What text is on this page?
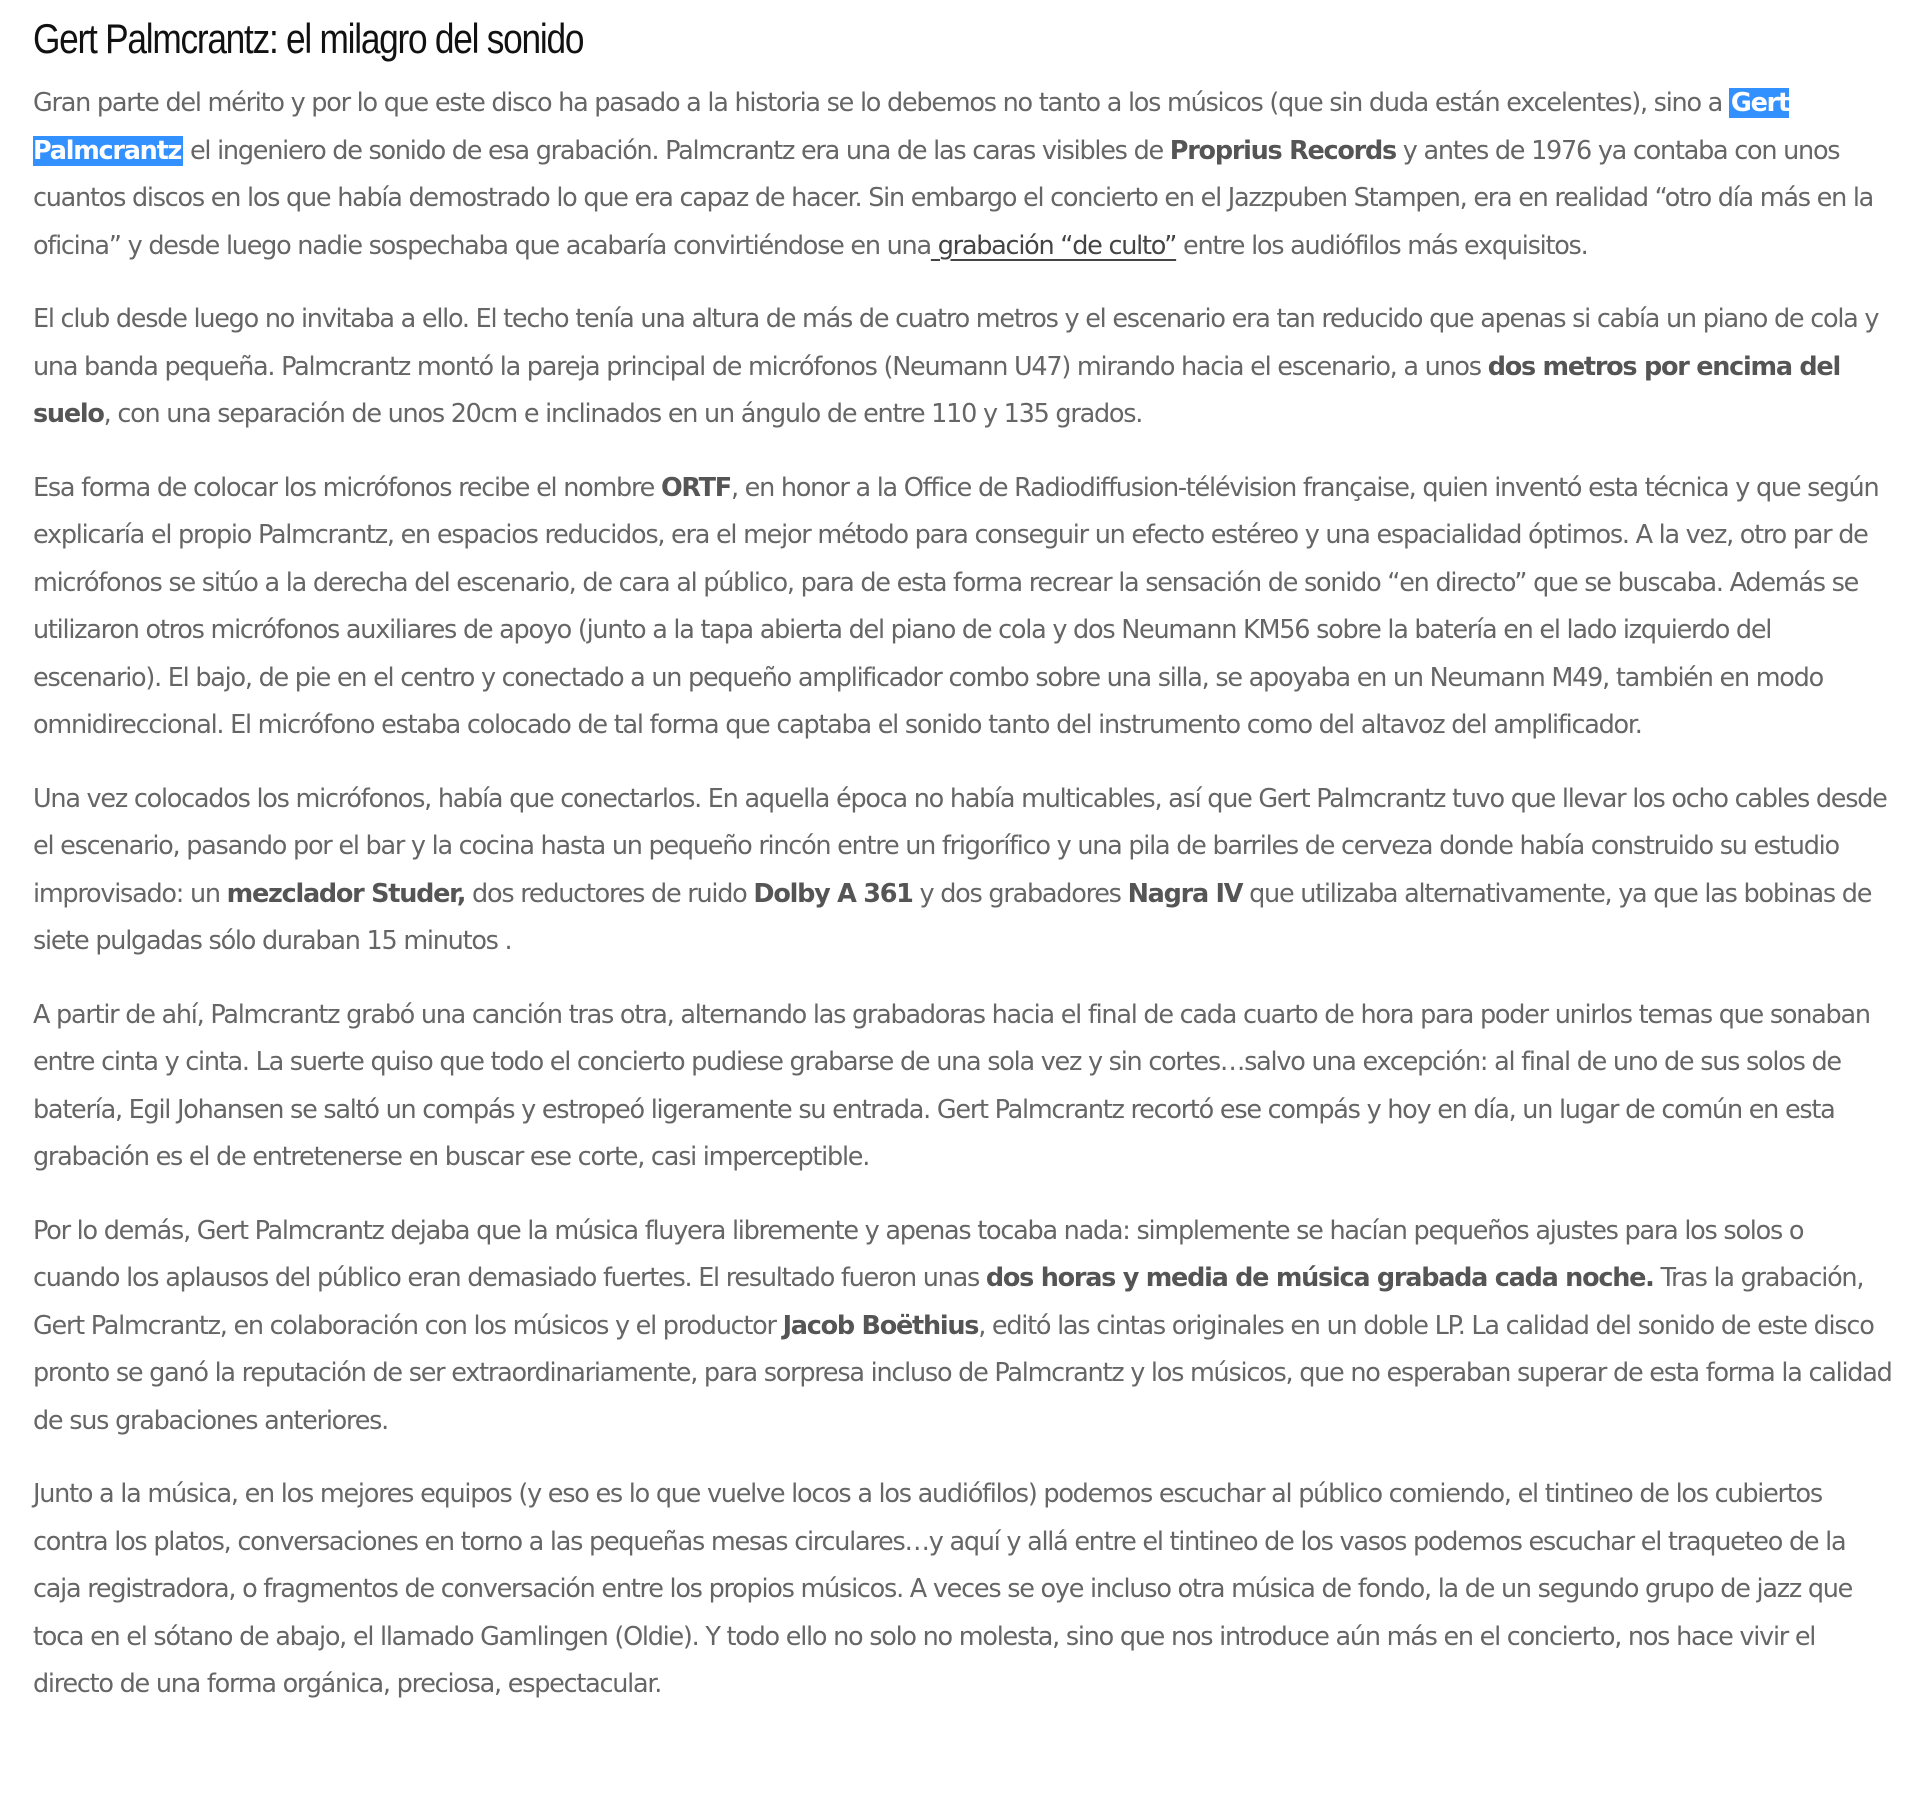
Gert Palmcrantz: el milagro del sonido

Gran parte del mérito y por lo que este disco ha pasado a la historia se lo debemos no tanto a los músicos (que sin duda están excelentes), sino a Gert Palmcrantz el ingeniero de sonido de esa grabación. Palmcrantz era una de las caras visibles de Proprius Records y antes de 1976 ya contaba con unos cuantos discos en los que había demostrado lo que era capaz de hacer. Sin embargo el concierto en el Jazzpuben Stampen, era en realidad “otro día más en la oficina” y desde luego nadie sospechaba que acabaría convirtiéndose en una grabación “de culto” entre los audiófilos más exquisitos.

El club desde luego no invitaba a ello. El techo tenía una altura de más de cuatro metros y el escenario era tan reducido que apenas si cabía un piano de cola y una banda pequeña. Palmcrantz montó la pareja principal de micrófonos (Neumann U47) mirando hacia el escenario, a unos dos metros por encima del suelo, con una separación de unos 20cm e inclinados en un ángulo de entre 110 y 135 grados.

Esa forma de colocar los micrófonos recibe el nombre ORTF, en honor a la Office de Radiodiffusion-télévision française, quien inventó esta técnica y que según explicaría el propio Palmcrantz, en espacios reducidos, era el mejor método para conseguir un efecto estéreo y una espacialidad óptimos. A la vez, otro par de micrófonos se sitúo a la derecha del escenario, de cara al público, para de esta forma recrear la sensación de sonido “en directo” que se buscaba. Además se utilizaron otros micrófonos auxiliares de apoyo (junto a la tapa abierta del piano de cola y dos Neumann KM56 sobre la batería en el lado izquierdo del escenario). El bajo, de pie en el centro y conectado a un pequeño amplificador combo sobre una silla, se apoyaba en un Neumann M49, también en modo omnidireccional. El micrófono estaba colocado de tal forma que captaba el sonido tanto del instrumento como del altavoz del amplificador.

Una vez colocados los micrófonos, había que conectarlos. En aquella época no había multicables, así que Gert Palmcrantz tuvo que llevar los ocho cables desde el escenario, pasando por el bar y la cocina hasta un pequeño rincón entre un frigorífico y una pila de barriles de cerveza donde había construido su estudio improvisado: un mezclador Studer, dos reductores de ruido Dolby A 361 y dos grabadores Nagra IV que utilizaba alternativamente, ya que las bobinas de siete pulgadas sólo duraban 15 minutos .

A partir de ahí, Palmcrantz grabó una canción tras otra, alternando las grabadoras hacia el final de cada cuarto de hora para poder unirlos temas que sonaban entre cinta y cinta. La suerte quiso que todo el concierto pudiese grabarse de una sola vez y sin cortes…salvo una excepción: al final de uno de sus solos de batería, Egil Johansen se saltó un compás y estropeó ligeramente su entrada. Gert Palmcrantz recortó ese compás y hoy en día, un lugar de común en esta grabación es el de entretenerse en buscar ese corte, casi imperceptible.

Por lo demás, Gert Palmcrantz dejaba que la música fluyera libremente y apenas tocaba nada: simplemente se hacían pequeños ajustes para los solos o cuando los aplausos del público eran demasiado fuertes. El resultado fueron unas dos horas y media de música grabada cada noche. Tras la grabación, Gert Palmcrantz, en colaboración con los músicos y el productor Jacob Boëthius, editó las cintas originales en un doble LP. La calidad del sonido de este disco pronto se ganó la reputación de ser extraordinariamente, para sorpresa incluso de Palmcrantz y los músicos, que no esperaban superar de esta forma la calidad de sus grabaciones anteriores.

Junto a la música, en los mejores equipos (y eso es lo que vuelve locos a los audiófilos) podemos escuchar al público comiendo, el tintineo de los cubiertos contra los platos, conversaciones en torno a las pequeñas mesas circulares…y aquí y allá entre el tintineo de los vasos podemos escuchar el traqueteo de la caja registradora, o fragmentos de conversación entre los propios músicos. A veces se oye incluso otra música de fondo, la de un segundo grupo de jazz que toca en el sótano de abajo, el llamado Gamlingen (Oldie). Y todo ello no solo no molesta, sino que nos introduce aún más en el concierto, nos hace vivir el directo de una forma orgánica, preciosa, espectacular.
